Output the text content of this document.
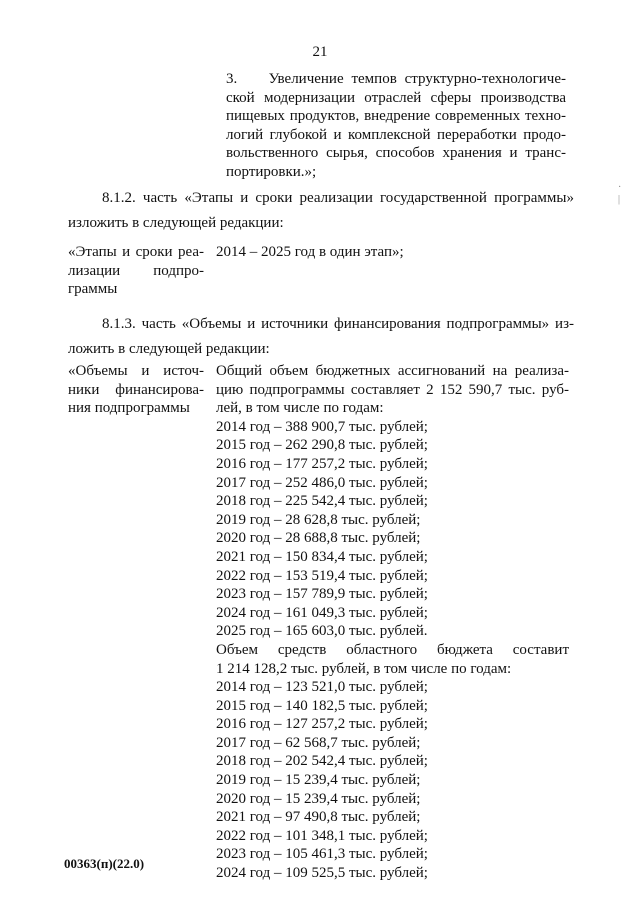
21
3.    Увеличение темпов структурно-технологиче-
ской модернизации отраслей сферы производства
пищевых продуктов, внедрение современных техно-
логий глубокой и комплексной переработки продо-
вольственного сырья, способов хранения и транс-
портировки.»;
8.1.2. часть «Этапы и сроки реализации государственной программы»
изложить в следующей редакции:
«Этапы и сроки реа-
лизации       подпро-
граммы
2014 – 2025 год в один этап»;
8.1.3. часть «Объемы и источники финансирования подпрограммы» из-
ложить в следующей редакции:
«Объемы и источ-
ники финансирова-
ния подпрограммы
Общий объем бюджетных ассигнований на реализа-
цию подпрограммы составляет 2 152 590,7 тыс. руб-
лей, в том числе по годам:
2014 год – 388 900,7 тыс. рублей;
2015 год – 262 290,8 тыс. рублей;
2016 год – 177 257,2 тыс. рублей;
2017 год – 252 486,0 тыс. рублей;
2018 год – 225 542,4 тыс. рублей;
2019 год – 28 628,8 тыс. рублей;
2020 год – 28 688,8 тыс. рублей;
2021 год – 150 834,4 тыс. рублей;
2022 год – 153 519,4 тыс. рублей;
2023 год – 157 789,9 тыс. рублей;
2024 год – 161 049,3 тыс. рублей;
2025 год – 165 603,0 тыс. рублей.
Объем     средств     областного     бюджета     составит
1 214 128,2 тыс. рублей, в том числе по годам:
2014 год – 123 521,0 тыс. рублей;
2015 год – 140 182,5 тыс. рублей;
2016 год – 127 257,2 тыс. рублей;
2017 год – 62 568,7 тыс. рублей;
2018 год – 202 542,4 тыс. рублей;
2019 год – 15 239,4 тыс. рублей;
2020 год – 15 239,4 тыс. рублей;
2021 год – 97 490,8 тыс. рублей;
2022 год – 101 348,1 тыс. рублей;
2023 год – 105 461,3 тыс. рублей;
2024 год – 109 525,5 тыс. рублей;
00363(п)(22.0)
·
|
